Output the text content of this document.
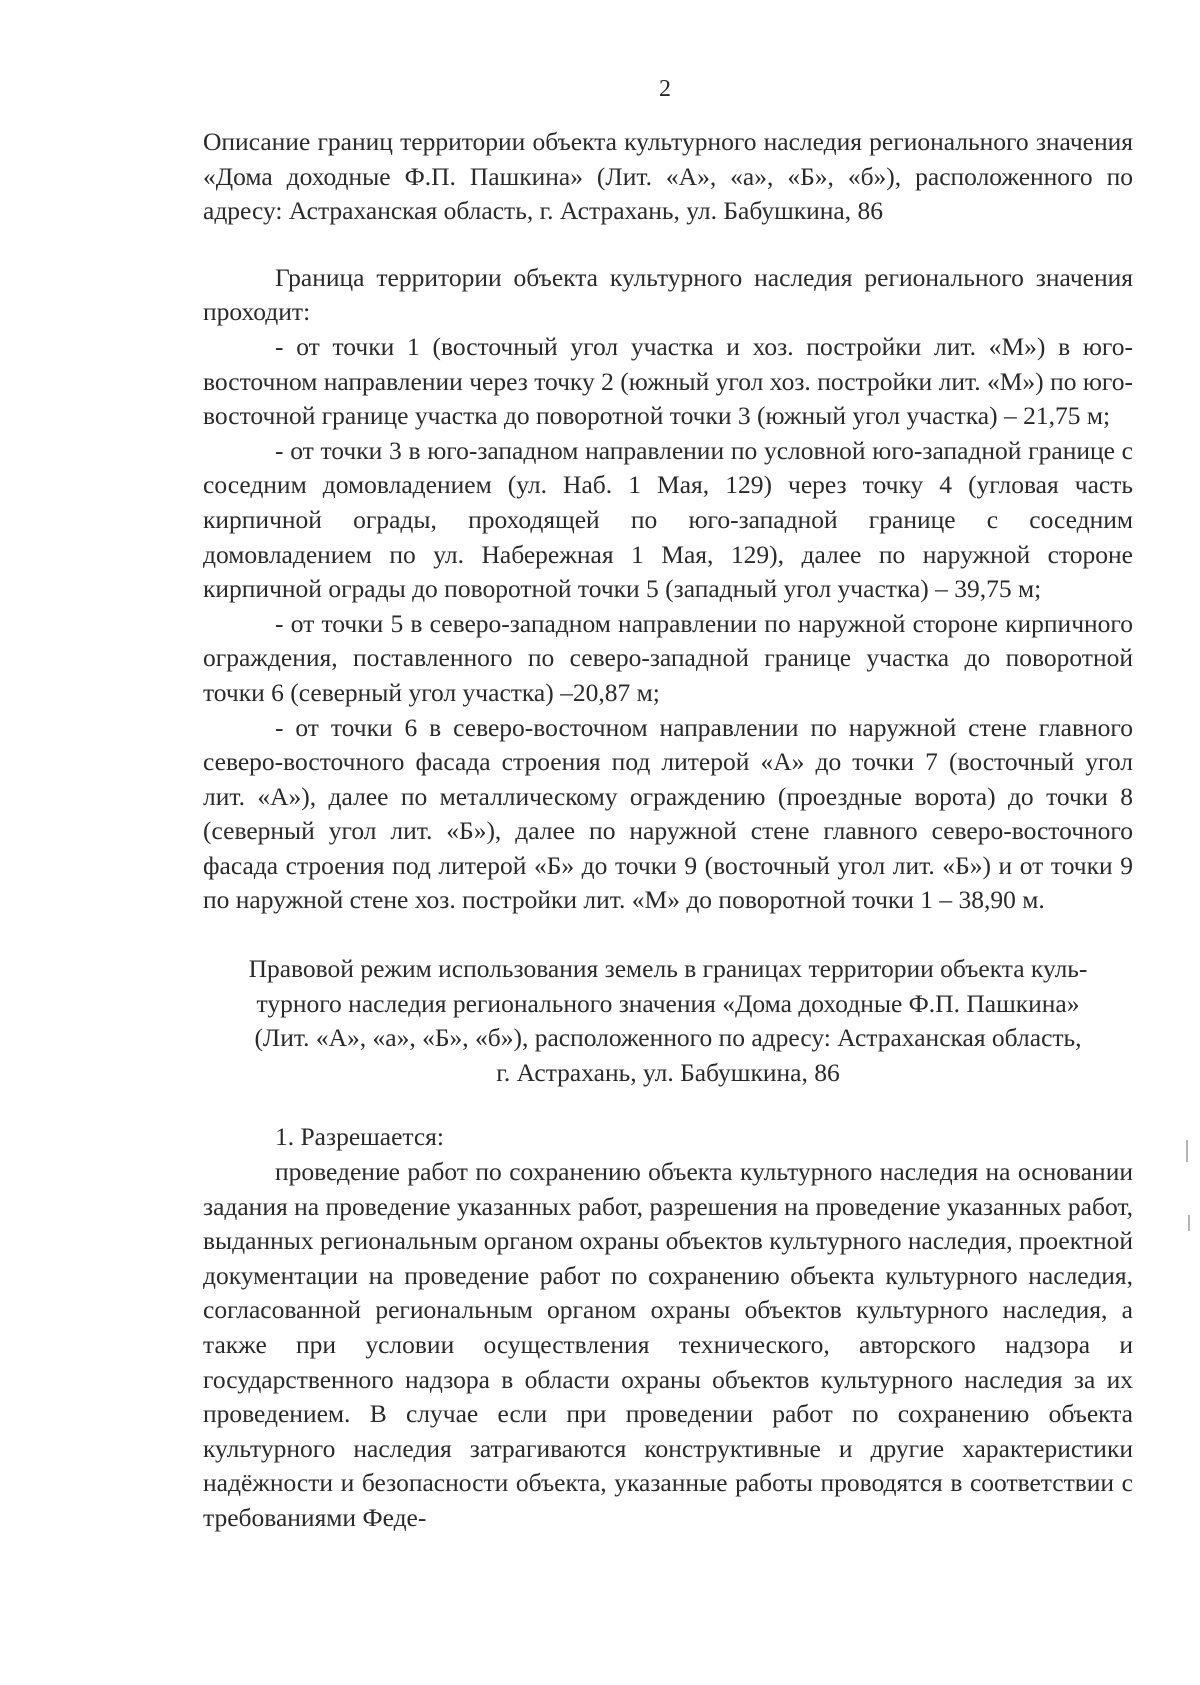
2

Описание границ территории объекта культурного наследия регионального значения «Дома доходные Ф.П. Пашкина» (Лит. «А», «а», «Б», «б»), расположенного по адресу: Астраханская область, г. Астрахань, ул. Бабушкина, 86

Граница территории объекта культурного наследия регионального значения проходит:

- от точки 1 (восточный угол участка и хоз. постройки лит. «М») в юго-восточном направлении через точку 2 (южный угол хоз. постройки лит. «М») по юго-восточной границе участка до поворотной точки 3 (южный угол участка) – 21,75 м;

- от точки 3 в юго-западном направлении по условной юго-западной границе с соседним домовладением (ул. Наб. 1 Мая, 129) через точку 4 (угловая часть кирпичной ограды, проходящей по юго-западной границе с соседним домовладением по ул. Набережная 1 Мая, 129), далее по наружной стороне кирпичной ограды до поворотной точки 5 (западный угол участка) – 39,75 м;

- от точки 5 в северо-западном направлении по наружной стороне кирпичного ограждения, поставленного по северо-западной границе участка до поворотной точки 6 (северный угол участка) –20,87 м;

- от точки 6 в северо-восточном направлении по наружной стене главного северо-восточного фасада строения под литерой «А» до точки 7 (восточный угол лит. «А»), далее по металлическому ограждению (проездные ворота) до точки 8 (северный угол лит. «Б»), далее по наружной стене главного северо-восточного фасада строения под литерой «Б» до точки 9 (восточный угол лит. «Б») и от точки 9 по наружной стене хоз. постройки лит. «М» до поворотной точки 1 – 38,90 м.

Правовой режим использования земель в границах территории объекта куль-
турного наследия регионального значения «Дома доходные Ф.П. Пашкина»
(Лит. «А», «а», «Б», «б»), расположенного по адресу: Астраханская область,
г. Астрахань, ул. Бабушкина, 86

1. Разрешается:

проведение работ по сохранению объекта культурного наследия на основании задания на проведение указанных работ, разрешения на проведение указанных работ, выданных региональным органом охраны объектов культурного наследия, проектной документации на проведение работ по сохранению объекта культурного наследия, согласованной региональным органом охраны объектов культурного наследия, а также при условии осуществления технического, авторского надзора и государственного надзора в области охраны объектов культурного наследия за их проведением. В случае если при проведении работ по сохранению объекта культурного наследия затрагиваются конструктивные и другие характеристики надёжности и безопасности объекта, указанные работы проводятся в соответствии с требованиями Феде-
